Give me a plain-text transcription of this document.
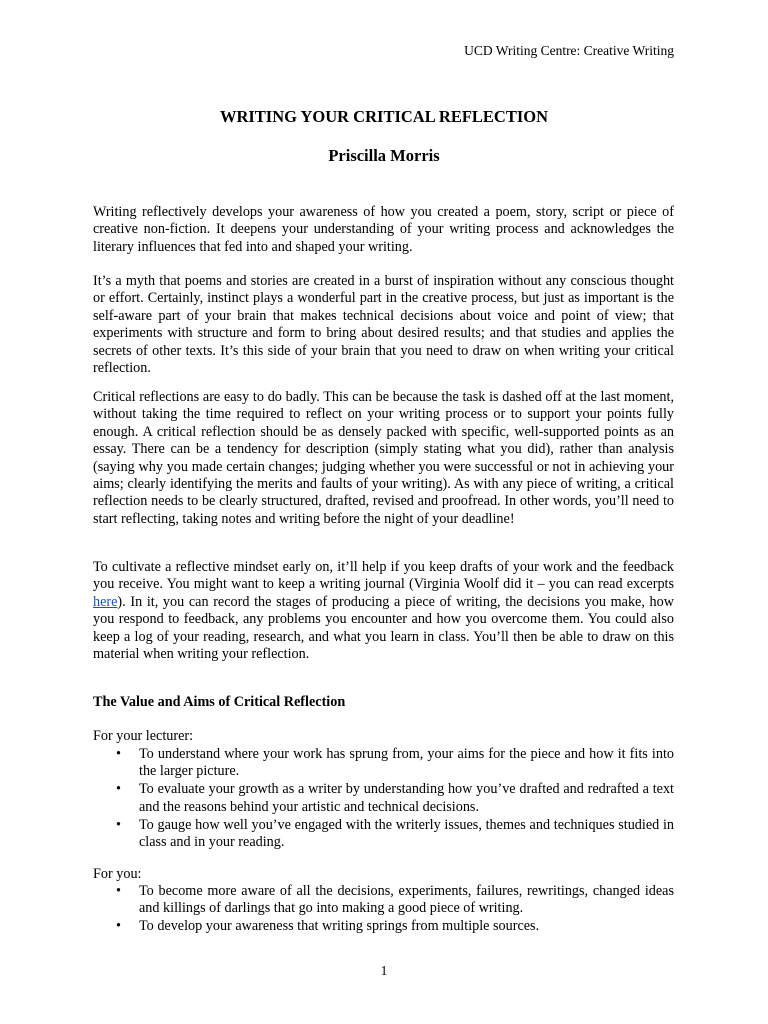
UCD Writing Centre: Creative Writing
WRITING YOUR CRITICAL REFLECTION
Priscilla Morris

Writing reflectively develops your awareness of how you created a poem, story, script or piece of creative non-fiction. It deepens your understanding of your writing process and acknowledges the literary influences that fed into and shaped your writing.

It’s a myth that poems and stories are created in a burst of inspiration without any conscious thought or effort. Certainly, instinct plays a wonderful part in the creative process, but just as important is the self-aware part of your brain that makes technical decisions about voice and point of view; that experiments with structure and form to bring about desired results; and that studies and applies the secrets of other texts. It’s this side of your brain that you need to draw on when writing your critical reflection.

Critical reflections are easy to do badly. This can be because the task is dashed off at the last moment, without taking the time required to reflect on your writing process or to support your points fully enough. A critical reflection should be as densely packed with specific, well-supported points as an essay. There can be a tendency for description (simply stating what you did), rather than analysis (saying why you made certain changes; judging whether you were successful or not in achieving your aims; clearly identifying the merits and faults of your writing). As with any piece of writing, a critical reflection needs to be clearly structured, drafted, revised and proofread. In other words, you’ll need to start reflecting, taking notes and writing before the night of your deadline!

To cultivate a reflective mindset early on, it’ll help if you keep drafts of your work and the feedback you receive. You might want to keep a writing journal (Virginia Woolf did it – you can read excerpts here). In it, you can record the stages of producing a piece of writing, the decisions you make, how you respond to feedback, any problems you encounter and how you overcome them. You could also keep a log of your reading, research, and what you learn in class. You’ll then be able to draw on this material when writing your reflection.

The Value and Aims of Critical Reflection
For your lecturer:
• To understand where your work has sprung from, your aims for the piece and how it fits into the larger picture.
• To evaluate your growth as a writer by understanding how you’ve drafted and redrafted a text and the reasons behind your artistic and technical decisions.
• To gauge how well you’ve engaged with the writerly issues, themes and techniques studied in class and in your reading.
For you:
• To become more aware of all the decisions, experiments, failures, rewritings, changed ideas and killings of darlings that go into making a good piece of writing.
• To develop your awareness that writing springs from multiple sources.
1
